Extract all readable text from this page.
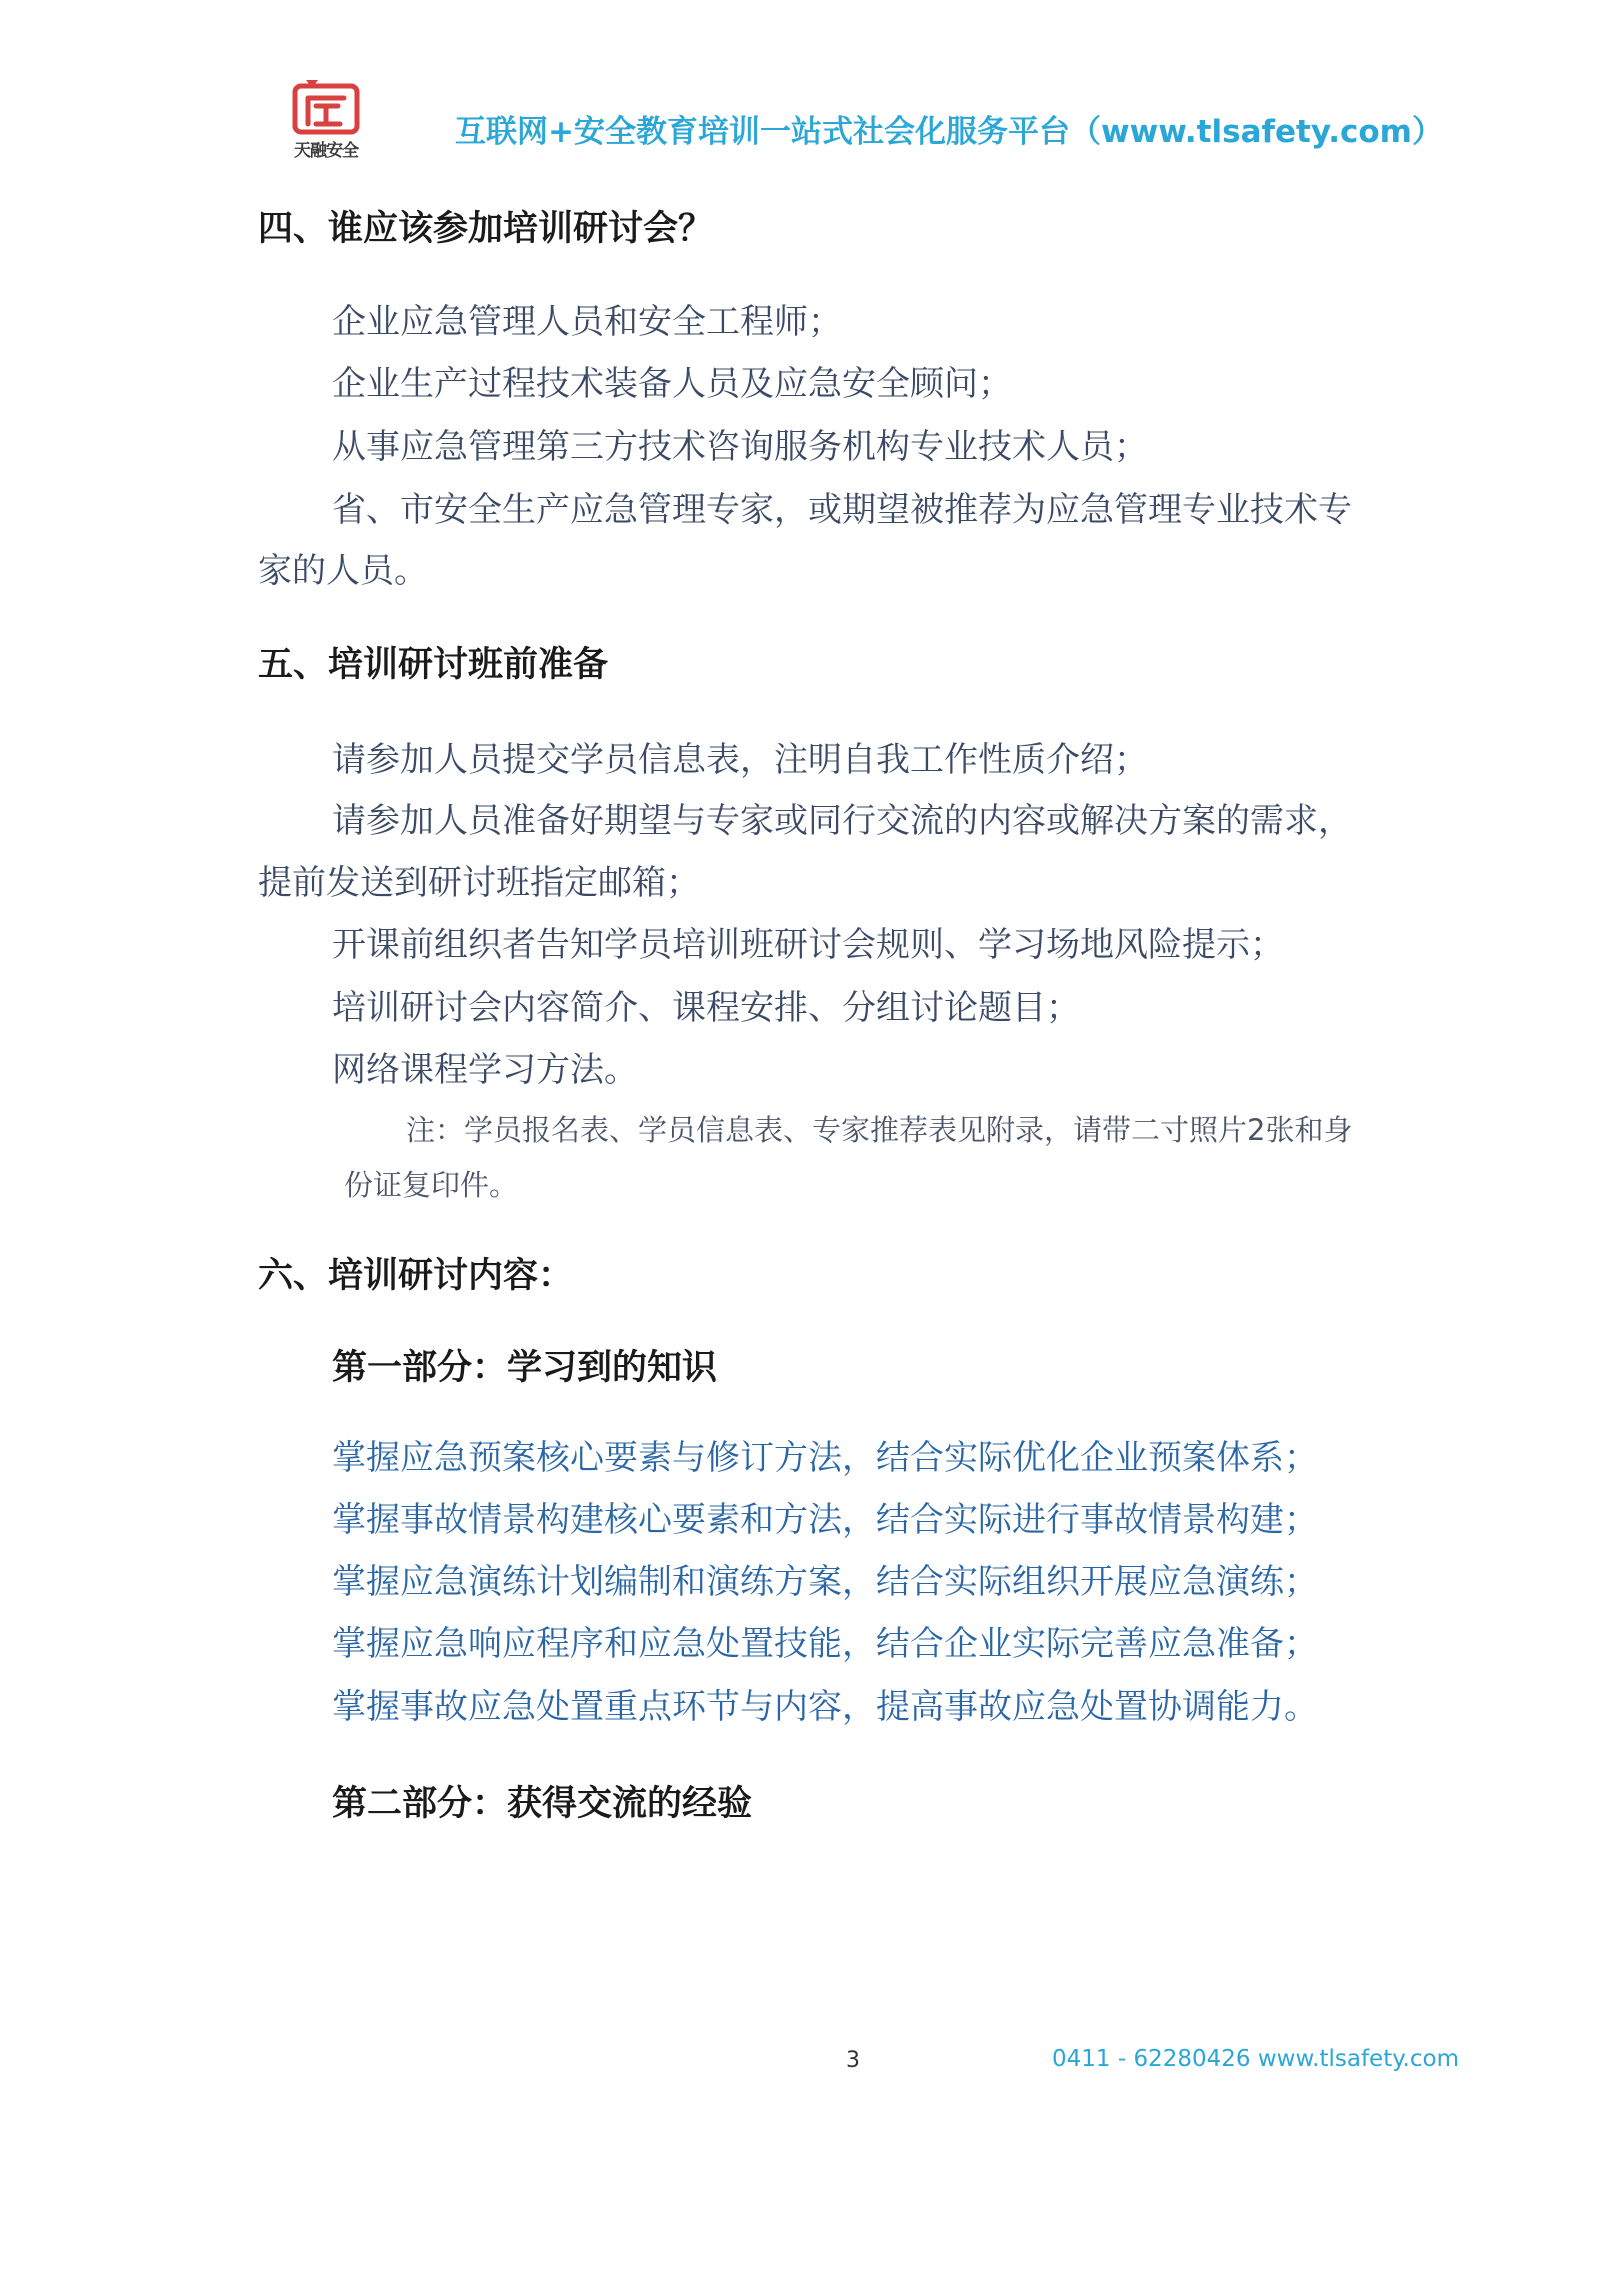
天融安全
互联网+安全教育培训一站式社会化服务平台（www.tlsafety.com）
四、谁应该参加培训研讨会？
企业应急管理人员和安全工程师；
企业生产过程技术装备人员及应急安全顾问；
从事应急管理第三方技术咨询服务机构专业技术人员；
省、市安全生产应急管理专家，或期望被推荐为应急管理专业技术专
家的人员。
五、培训研讨班前准备
请参加人员提交学员信息表，注明自我工作性质介绍；
请参加人员准备好期望与专家或同行交流的内容或解决方案的需求，
提前发送到研讨班指定邮箱；
开课前组织者告知学员培训班研讨会规则、学习场地风险提示；
培训研讨会内容简介、课程安排、分组讨论题目；
网络课程学习方法。
注：学员报名表、学员信息表、专家推荐表见附录，请带二寸照片2张和身
份证复印件。
六、培训研讨内容：
第一部分：学习到的知识
掌握应急预案核心要素与修订方法，结合实际优化企业预案体系；
掌握事故情景构建核心要素和方法，结合实际进行事故情景构建；
掌握应急演练计划编制和演练方案，结合实际组织开展应急演练；
掌握应急响应程序和应急处置技能，结合企业实际完善应急准备；
掌握事故应急处置重点环节与内容，提高事故应急处置协调能力。
第二部分：获得交流的经验
3	0411 - 62280426 www.tlsafety.com
